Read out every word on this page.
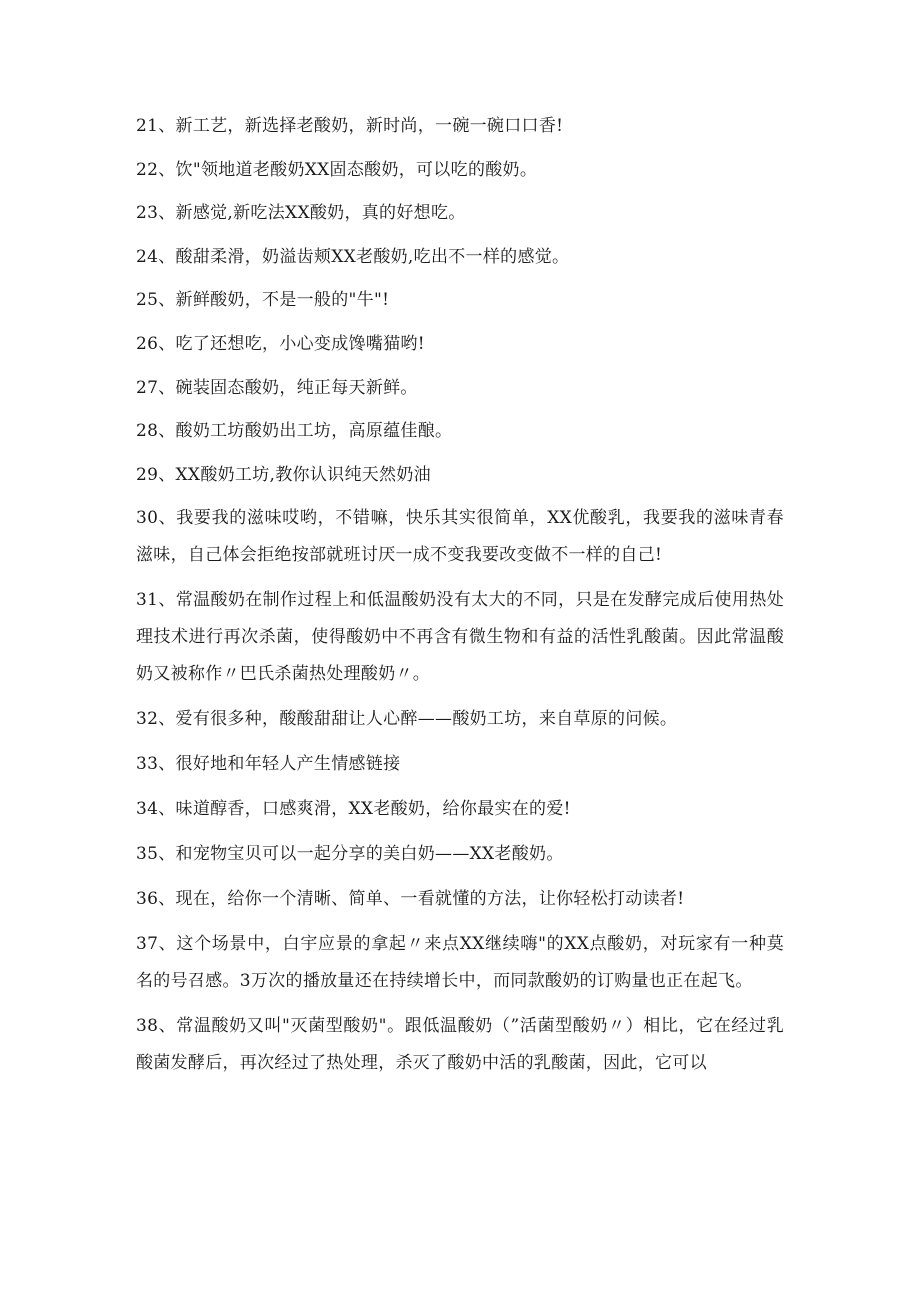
21、新工艺，新选择老酸奶，新时尚，一碗一碗口口香!

22、饮"领地道老酸奶XX固态酸奶，可以吃的酸奶。

23、新感觉,新吃法XX酸奶，真的好想吃。

24、酸甜柔滑，奶溢齿颊XX老酸奶,吃出不一样的感觉。

25、新鲜酸奶，不是一般的"牛"!

26、吃了还想吃，小心变成馋嘴猫哟!

27、碗装固态酸奶，纯正每天新鲜。

28、酸奶工坊酸奶出工坊，高原蕴佳酿。

29、XX酸奶工坊,教你认识纯天然奶油

30、我要我的滋味哎哟，不错嘛，快乐其实很简单，XX优酸乳，我要我的滋味青春滋味，自己体会拒绝按部就班讨厌一成不变我要改变做不一样的自己!

31、常温酸奶在制作过程上和低温酸奶没有太大的不同，只是在发酵完成后使用热处理技术进行再次杀菌，使得酸奶中不再含有微生物和有益的活性乳酸菌。因此常温酸奶又被称作〃巴氏杀菌热处理酸奶〃。

32、爱有很多种，酸酸甜甜让人心醉——酸奶工坊，来自草原的问候。

33、很好地和年轻人产生情感链接

34、味道醇香，口感爽滑，XX老酸奶，给你最实在的爱!

35、和宠物宝贝可以一起分享的美白奶——XX老酸奶。

36、现在，给你一个清晰、简单、一看就懂的方法，让你轻松打动读者!

37、这个场景中，白宇应景的拿起〃来点XX继续嗨"的XX点酸奶，对玩家有一种莫名的号召感。3万次的播放量还在持续增长中，而同款酸奶的订购量也正在起飞。

38、常温酸奶又叫"灭菌型酸奶"。跟低温酸奶（”活菌型酸奶〃）相比，它在经过乳酸菌发酵后，再次经过了热处理，杀灭了酸奶中活的乳酸菌，因此，它可以
